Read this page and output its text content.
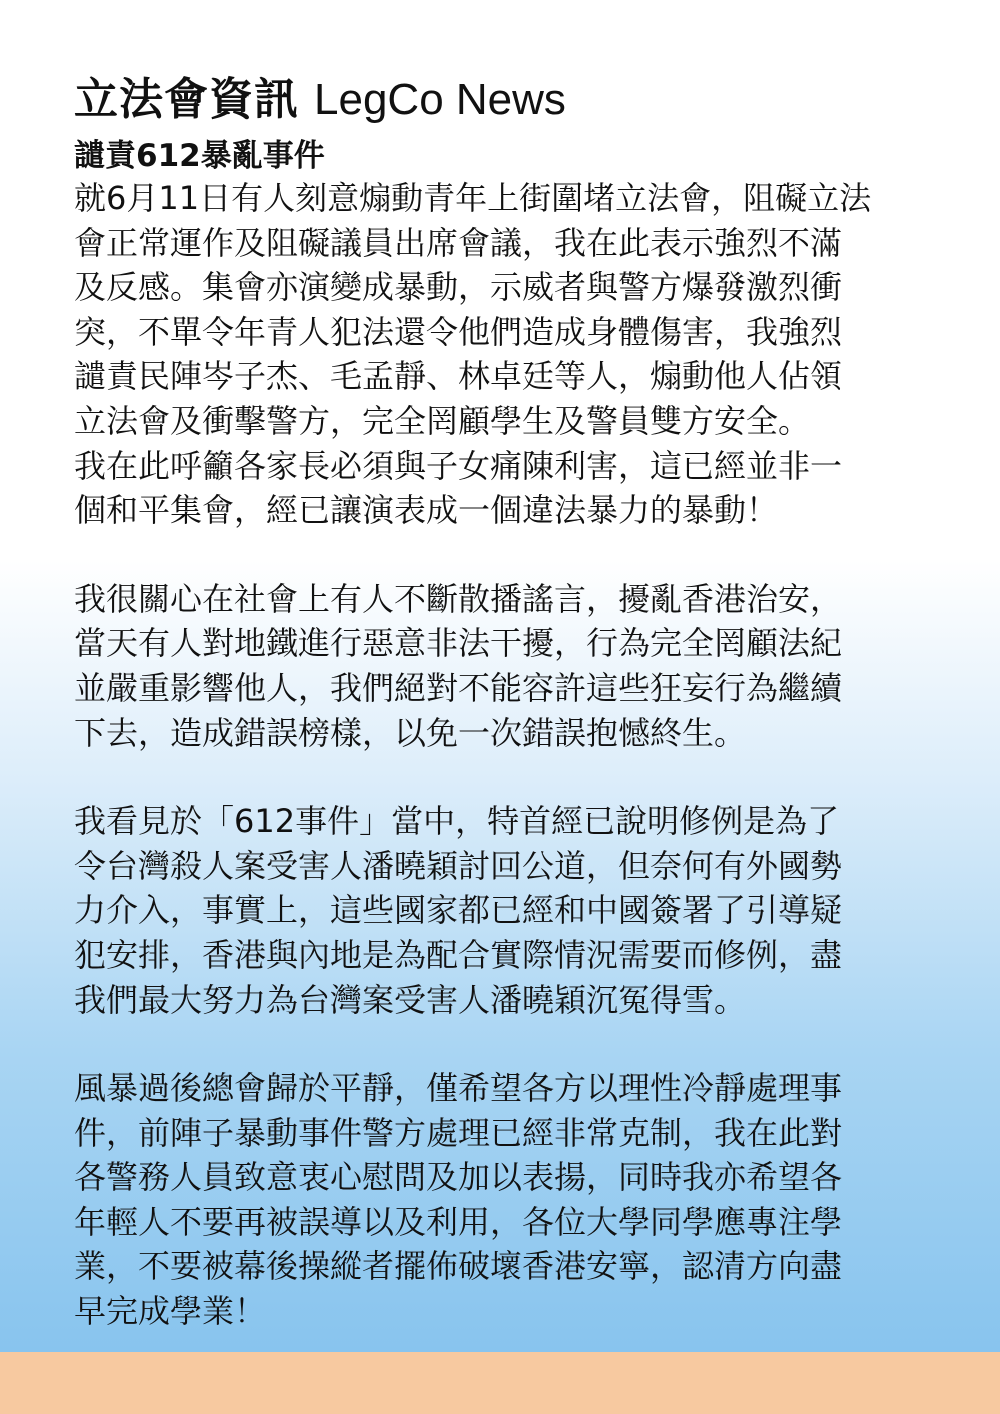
立法會資訊 LegCo News
譴責612暴亂事件

就6月11日有人刻意煽動青年上街圍堵立法會，阻礙立法
會正常運作及阻礙議員出席會議，我在此表示強烈不滿
及反感。集會亦演變成暴動，示威者與警方爆發激烈衝
突，不單令年青人犯法還令他們造成身體傷害，我強烈
譴責民陣岑子杰、毛孟靜、林卓廷等人，煽動他人佔領
立法會及衝擊警方，完全罔顧學生及警員雙方安全。
我在此呼籲各家長必須與子女痛陳利害，這已經並非一
個和平集會，經已讓演表成一個違法暴力的暴動！

我很關心在社會上有人不斷散播謠言，擾亂香港治安，
當天有人對地鐵進行惡意非法干擾，行為完全罔顧法紀
並嚴重影響他人，我們絕對不能容許這些狂妄行為繼續
下去，造成錯誤榜樣，以免一次錯誤抱憾終生。

我看見於「612事件」當中，特首經已說明修例是為了
令台灣殺人案受害人潘曉穎討回公道，但奈何有外國勢
力介入，事實上，這些國家都已經和中國簽署了引導疑
犯安排，香港與內地是為配合實際情況需要而修例，盡
我們最大努力為台灣案受害人潘曉穎沉冤得雪。

風暴過後總會歸於平靜，僅希望各方以理性冷靜處理事
件，前陣子暴動事件警方處理已經非常克制，我在此對
各警務人員致意衷心慰問及加以表揚，同時我亦希望各
年輕人不要再被誤導以及利用，各位大學同學應專注學
業，不要被幕後操縱者擺佈破壞香港安寧，認清方向盡
早完成學業！
